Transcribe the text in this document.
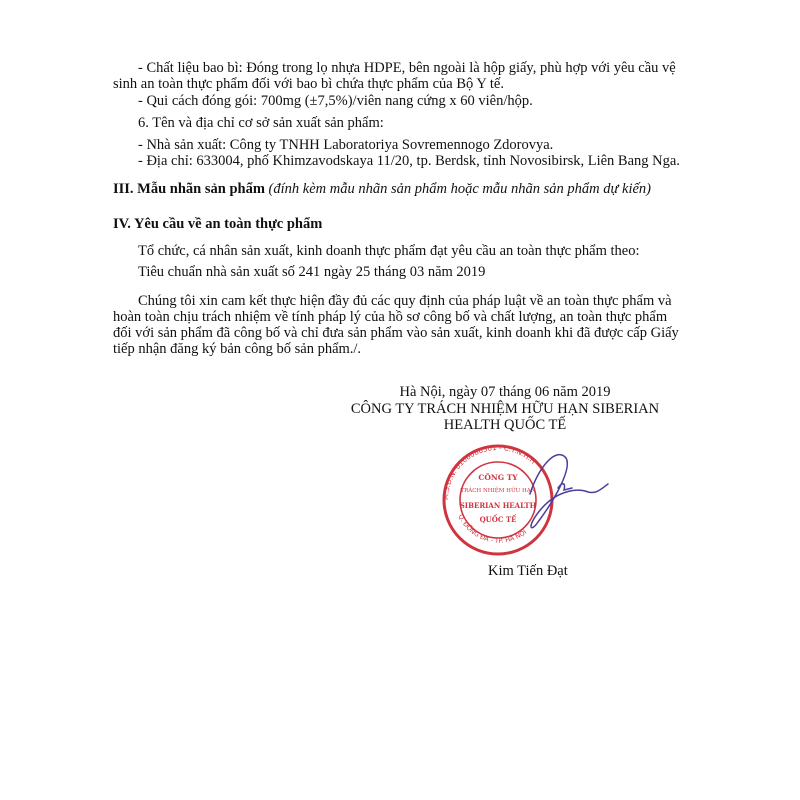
- Chất liệu bao bì: Đóng trong lọ nhựa HDPE, bên ngoài là hộp giấy, phù hợp với yêu cầu vệ
sinh an toàn thực phẩm đối với bao bì chứa thực phẩm của Bộ Y tế.
- Qui cách đóng gói: 700mg (±7,5%)/viên nang cứng x 60 viên/hộp.
6. Tên và địa chỉ cơ sở sản xuất sản phẩm:
- Nhà sản xuất: Công ty TNHH Laboratoriya Sovremennogo Zdorovya.
- Địa chỉ: 633004, phố Khimzavodskaya 11/20, tp. Berdsk, tỉnh Novosibirsk, Liên Bang Nga.
III. Mẫu nhãn sản phẩm (đính kèm mẫu nhãn sản phẩm hoặc mẫu nhãn sản phẩm dự kiến)
IV. Yêu cầu về an toàn thực phẩm
Tổ chức, cá nhân sản xuất, kinh doanh thực phẩm đạt yêu cầu an toàn thực phẩm theo:
Tiêu chuẩn nhà sản xuất số 241 ngày 25 tháng 03 năm 2019
Chúng tôi xin cam kết thực hiện đầy đủ các quy định của pháp luật về an toàn thực phẩm và
hoàn toàn chịu trách nhiệm về tính pháp lý của hồ sơ công bố và chất lượng, an toàn thực phẩm
đối với sản phẩm đã công bố và chỉ đưa sản phẩm vào sản xuất, kinh doanh khi đã được cấp Giấy
tiếp nhận đăng ký bản công bố sản phẩm./.
Hà Nội, ngày 07 tháng 06 năm 2019
CÔNG TY TRÁCH NHIỆM HỮU HẠN SIBERIAN
HEALTH QUỐC TẾ
M.S.D.N: 0106086301 - C.T.N.H.H
Q. ĐỐNG ĐA - TP. HÀ NỘI
CÔNG TY
TRÁCH NHIỆM HỮU HẠN
SIBERIAN HEALTH
QUỐC TẾ
Kim Tiến Đạt
